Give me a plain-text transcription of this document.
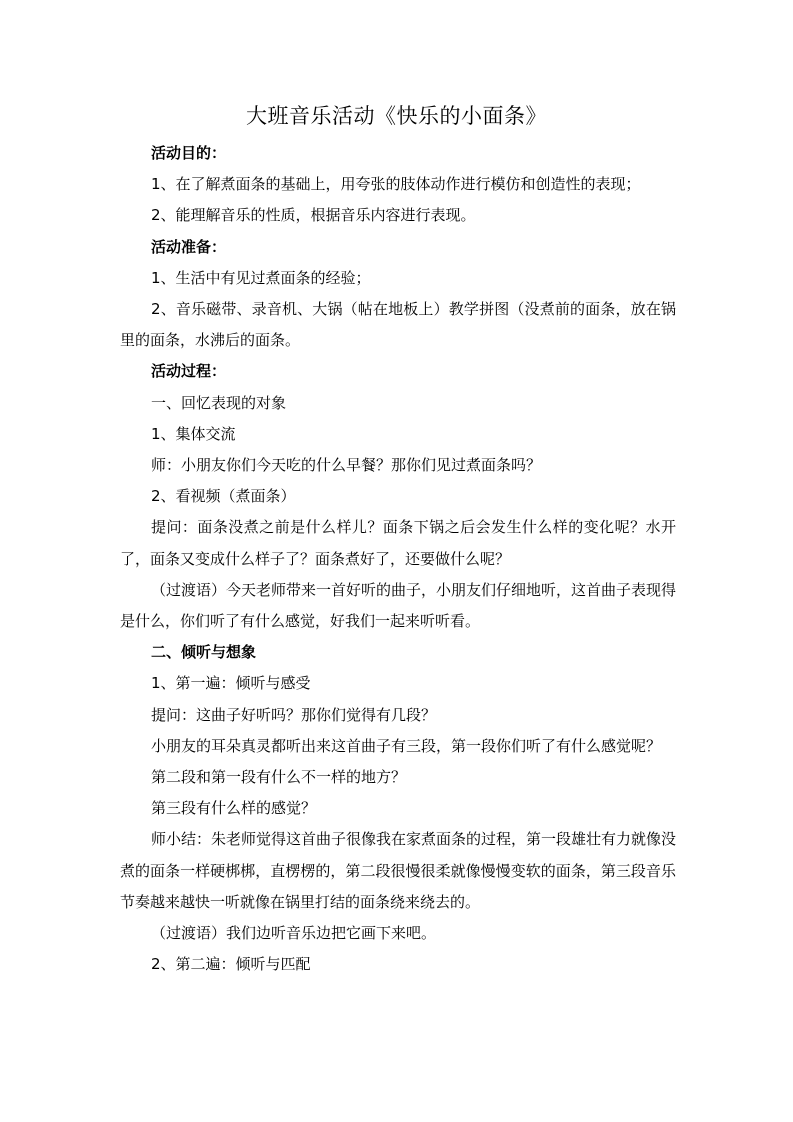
大班音乐活动《快乐的小面条》

活动目的：

1、在了解煮面条的基础上，用夸张的肢体动作进行模仿和创造性的表现；

2、能理解音乐的性质，根据音乐内容进行表现。

活动准备：

1、生活中有见过煮面条的经验；

2、音乐磁带、录音机、大锅（帖在地板上）教学拼图（没煮前的面条，放在锅里的面条，水沸后的面条。

活动过程：

一、回忆表现的对象

1、集体交流

师：小朋友你们今天吃的什么早餐？那你们见过煮面条吗？

2、看视频（煮面条）

提问：面条没煮之前是什么样儿？面条下锅之后会发生什么样的变化呢？水开了，面条又变成什么样子了？面条煮好了，还要做什么呢？

（过渡语）今天老师带来一首好听的曲子，小朋友们仔细地听，这首曲子表现得是什么，你们听了有什么感觉，好我们一起来听听看。

二、倾听与想象

1、第一遍：倾听与感受

提问：这曲子好听吗？那你们觉得有几段？

小朋友的耳朵真灵都听出来这首曲子有三段，第一段你们听了有什么感觉呢？

第二段和第一段有什么不一样的地方？

第三段有什么样的感觉？

师小结：朱老师觉得这首曲子很像我在家煮面条的过程，第一段雄壮有力就像没煮的面条一样硬梆梆，直楞楞的，第二段很慢很柔就像慢慢变软的面条，第三段音乐节奏越来越快一听就像在锅里打结的面条绕来绕去的。

（过渡语）我们边听音乐边把它画下来吧。

2、第二遍：倾听与匹配
